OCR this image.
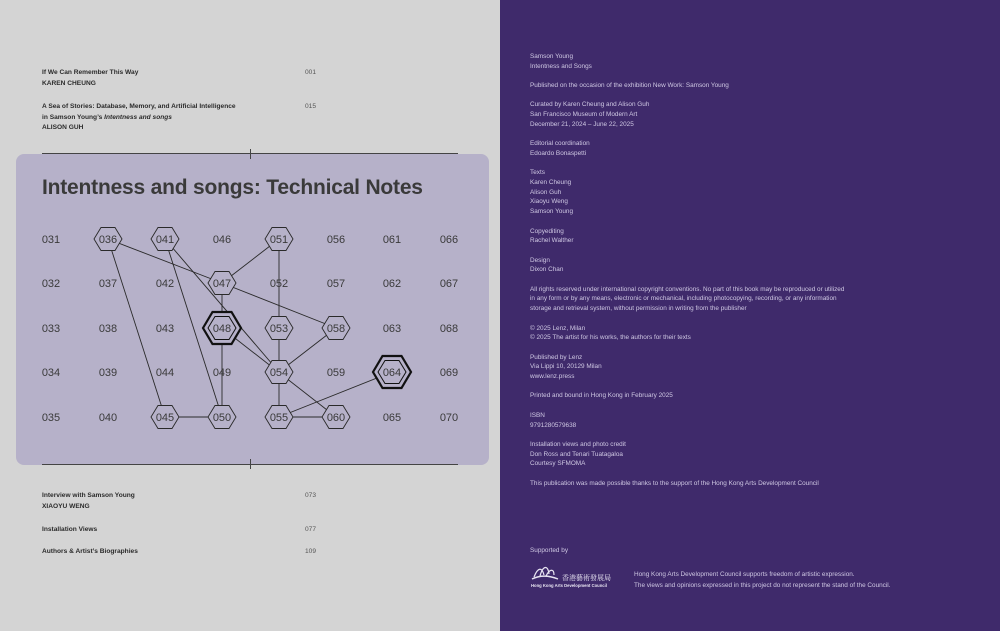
If We Can Remember This Way
KAREN CHEUNG
001
A Sea of Stories: Database, Memory, and Artificial Intelligence
in Samson Young’s Intentness and songs
ALISON GUH
015
Intentness and songs: Technical Notes
031	036	041	046	051	056	061	066
032	037	042	047	052	057	062	067
033	038	043	048	053	058	063	068
034	039	044	049	054	059	064	069
035	040	045	050	055	060	065	070
Interview with Samson Young
XIAOYU WENG
073
Installation Views	077
Authors & Artist’s Biographies	109

Samson Young
Intentness and Songs

Published on the occasion of the exhibition New Work: Samson Young

Curated by Karen Cheung and Alison Guh
San Francisco Museum of Modern Art
December 21, 2024 – June 22, 2025

Editorial coordination
Edoardo Bonaspetti

Texts
Karen Cheung
Alison Guh
Xiaoyu Weng
Samson Young

Copyediting
Rachel Walther

Design
Dixon Chan

All rights reserved under international copyright conventions. No part of this book may be reproduced or utilized
in any form or by any means, electronic or mechanical, including photocopying, recording, or any information
storage and retrieval system, without permission in writing from the publisher

© 2025 Lenz, Milan
© 2025 The artist for his works, the authors for their texts

Published by Lenz
Via Lippi 10, 20129 Milan
www.lenz.press

Printed and bound in Hong Kong in February 2025

ISBN
9791280579638

Installation views and photo credit
Don Ross and Tenari Tuatagaloa
Courtesy SFMOMA

This publication was made possible thanks to the support of the Hong Kong Arts Development Council

Supported by
香港藝術發展局
Hong Kong Arts Development Council
Hong Kong Arts Development Council supports freedom of artistic expression.
The views and opinions expressed in this project do not represent the stand of the Council.
